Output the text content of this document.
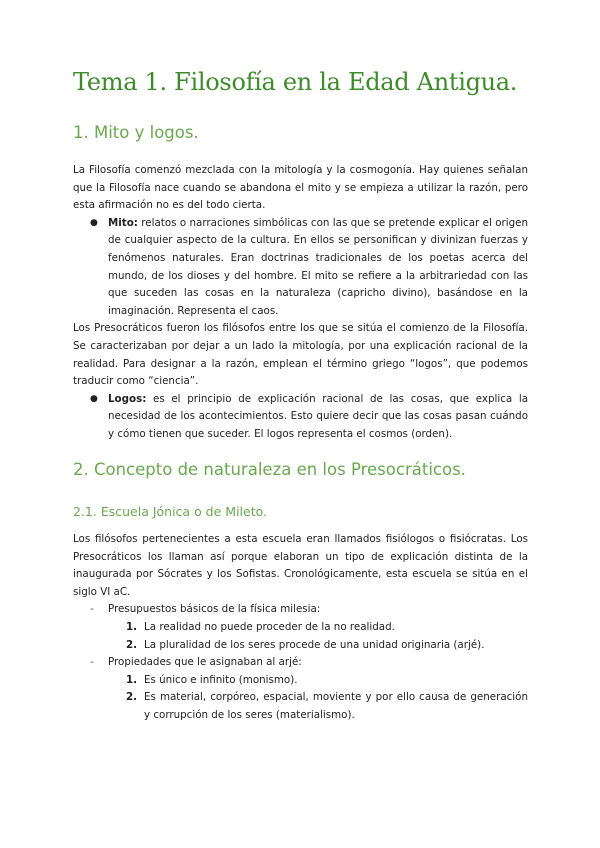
Tema 1. Filosofía en la Edad Antigua.
1. Mito y logos.

La Filosofía comenzó mezclada con la mitología y la cosmogonía. Hay quienes señalan que la Filosofía nace cuando se abandona el mito y se empieza a utilizar la razón, pero esta afirmación no es del todo cierta.

● Mito: relatos o narraciones simbólicas con las que se pretende explicar el origen de cualquier aspecto de la cultura. En ellos se personifican y divinizan fuerzas y fenómenos naturales. Eran doctrinas tradicionales de los poetas acerca del mundo, de los dioses y del hombre. El mito se refiere a la arbitrariedad con las que suceden las cosas en la naturaleza (capricho divino), basándose en la imaginación. Representa el caos.

Los Presocráticos fueron los filósofos entre los que se sitúa el comienzo de la Filosofía. Se caracterizaban por dejar a un lado la mitología, por una explicación racional de la realidad. Para designar a la razón, emplean el término griego “logos”, que podemos traducir como “ciencia”.

● Logos: es el principio de explicación racional de las cosas, que explica la necesidad de los acontecimientos. Esto quiere decir que las cosas pasan cuándo y cómo tienen que suceder. El logos representa el cosmos (orden).
2. Concepto de naturaleza en los Presocráticos.
2.1. Escuela Jónica o de Mileto.

Los filósofos pertenecientes a esta escuela eran llamados fisiólogos o fisiócratas. Los Presocráticos los llaman así porque elaboran un tipo de explicación distinta de la inaugurada por Sócrates y los Sofistas. Cronológicamente, esta escuela se sitúa en el siglo VI aC.

- Presupuestos básicos de la física milesia:
1. La realidad no puede proceder de la no realidad.
2. La pluralidad de los seres procede de una unidad originaria (arjé).
- Propiedades que le asignaban al arjé:
1. Es único e infinito (monismo).
2. Es material, corpóreo, espacial, moviente y por ello causa de generación y corrupción de los seres (materialismo).
